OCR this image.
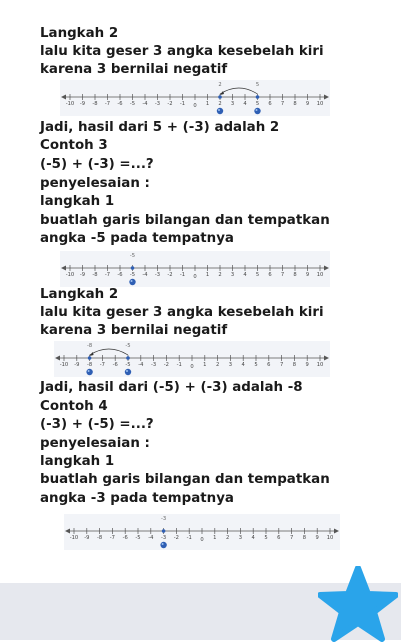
Langkah 2
lalu kita geser 3 angka kesebelah kiri
karena 3 bernilai negatif
-10 -9 -8 -7 -6 -5 -4 -3 -2 -1 0 1 2 3 4 5 6 7 8 9 10
2	5
Jadi, hasil dari 5 + (-3) adalah 2
Contoh 3
(-5) + (-3) =...?
penyelesaian :
langkah 1
buatlah garis bilangan dan tempatkan
angka -5 pada tempatnya
-10 -9 -8 -7 -6 -5 -4 -3 -2 -1 0 1 2 3 4 5 6 7 8 9 10
-5
Langkah 2
lalu kita geser 3 angka kesebelah kiri
karena 3 bernilai negatif
-10 -9 -8 -7 -6 -5 -4 -3 -2 -1 0 1 2 3 4 5 6 7 8 9 10
-8	-5
Jadi, hasil dari (-5) + (-3) adalah -8
Contoh 4
(-3) + (-5) =...?
penyelesaian :
langkah 1
buatlah garis bilangan dan tempatkan
angka -3 pada tempatnya
-10 -9 -8 -7 -6 -5 -4 -3 -2 -1 0 1 2 3 4 5 6 7 8 9 10
-3
